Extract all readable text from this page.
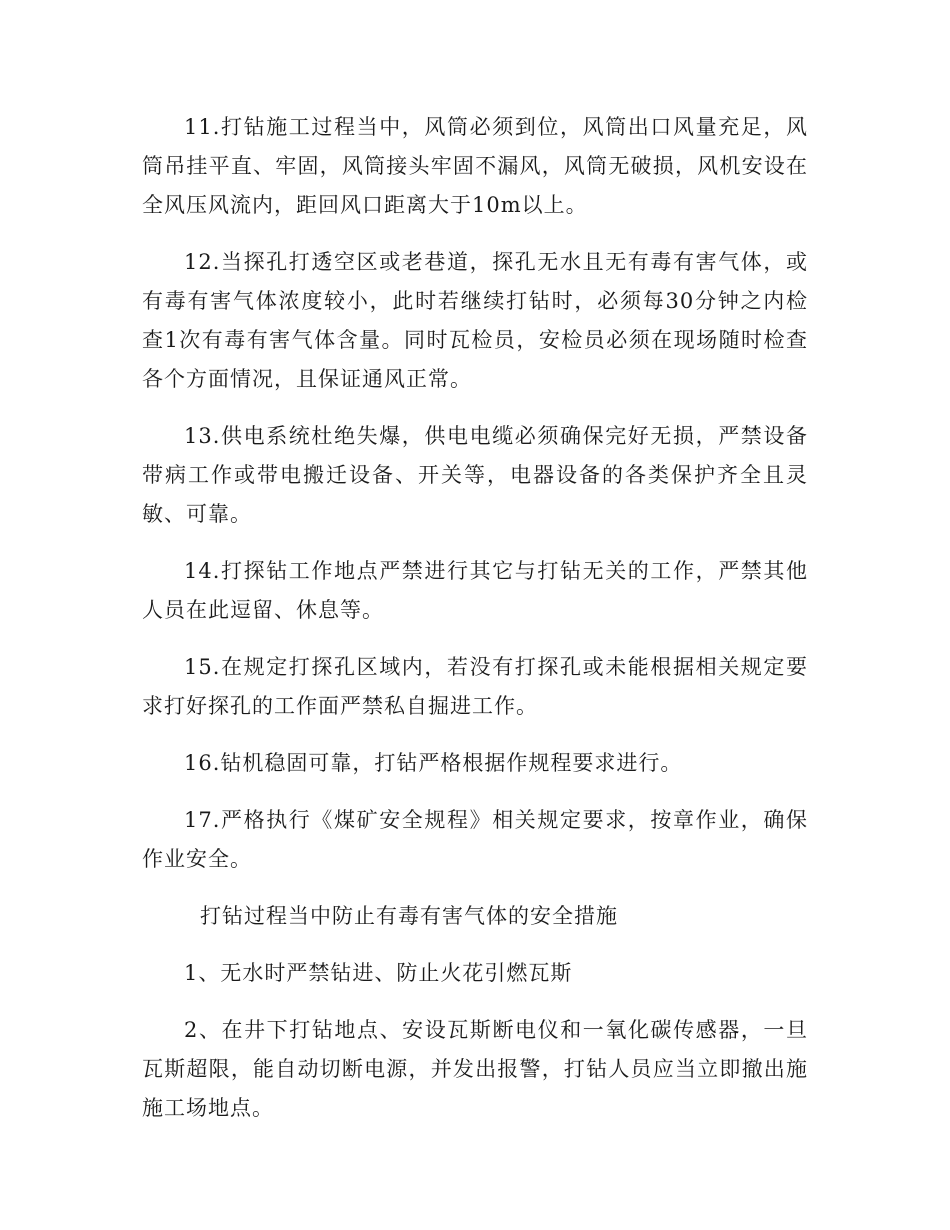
11.打钻施工过程当中，风筒必须到位，风筒出口风量充足，风筒吊挂平直、牢固，风筒接头牢固不漏风，风筒无破损，风机安设在全风压风流内，距回风口距离大于10m以上。

12.当探孔打透空区或老巷道，探孔无水且无有毒有害气体，或有毒有害气体浓度较小，此时若继续打钻时，必须每30分钟之内检查1次有毒有害气体含量。同时瓦检员，安检员必须在现场随时检查各个方面情况，且保证通风正常。

13.供电系统杜绝失爆，供电电缆必须确保完好无损，严禁设备带病工作或带电搬迁设备、开关等，电器设备的各类保护齐全且灵敏、可靠。

14.打探钻工作地点严禁进行其它与打钻无关的工作，严禁其他人员在此逗留、休息等。

15.在规定打探孔区域内，若没有打探孔或未能根据相关规定要求打好探孔的工作面严禁私自掘进工作。

16.钻机稳固可靠，打钻严格根据作规程要求进行。

17.严格执行《煤矿安全规程》相关规定要求，按章作业，确保作业安全。

打钻过程当中防止有毒有害气体的安全措施

1、无水时严禁钻进、防止火花引燃瓦斯

2、在井下打钻地点、安设瓦斯断电仪和一氧化碳传感器，一旦瓦斯超限，能自动切断电源，并发出报警，打钻人员应当立即撤出施施工场地点。
